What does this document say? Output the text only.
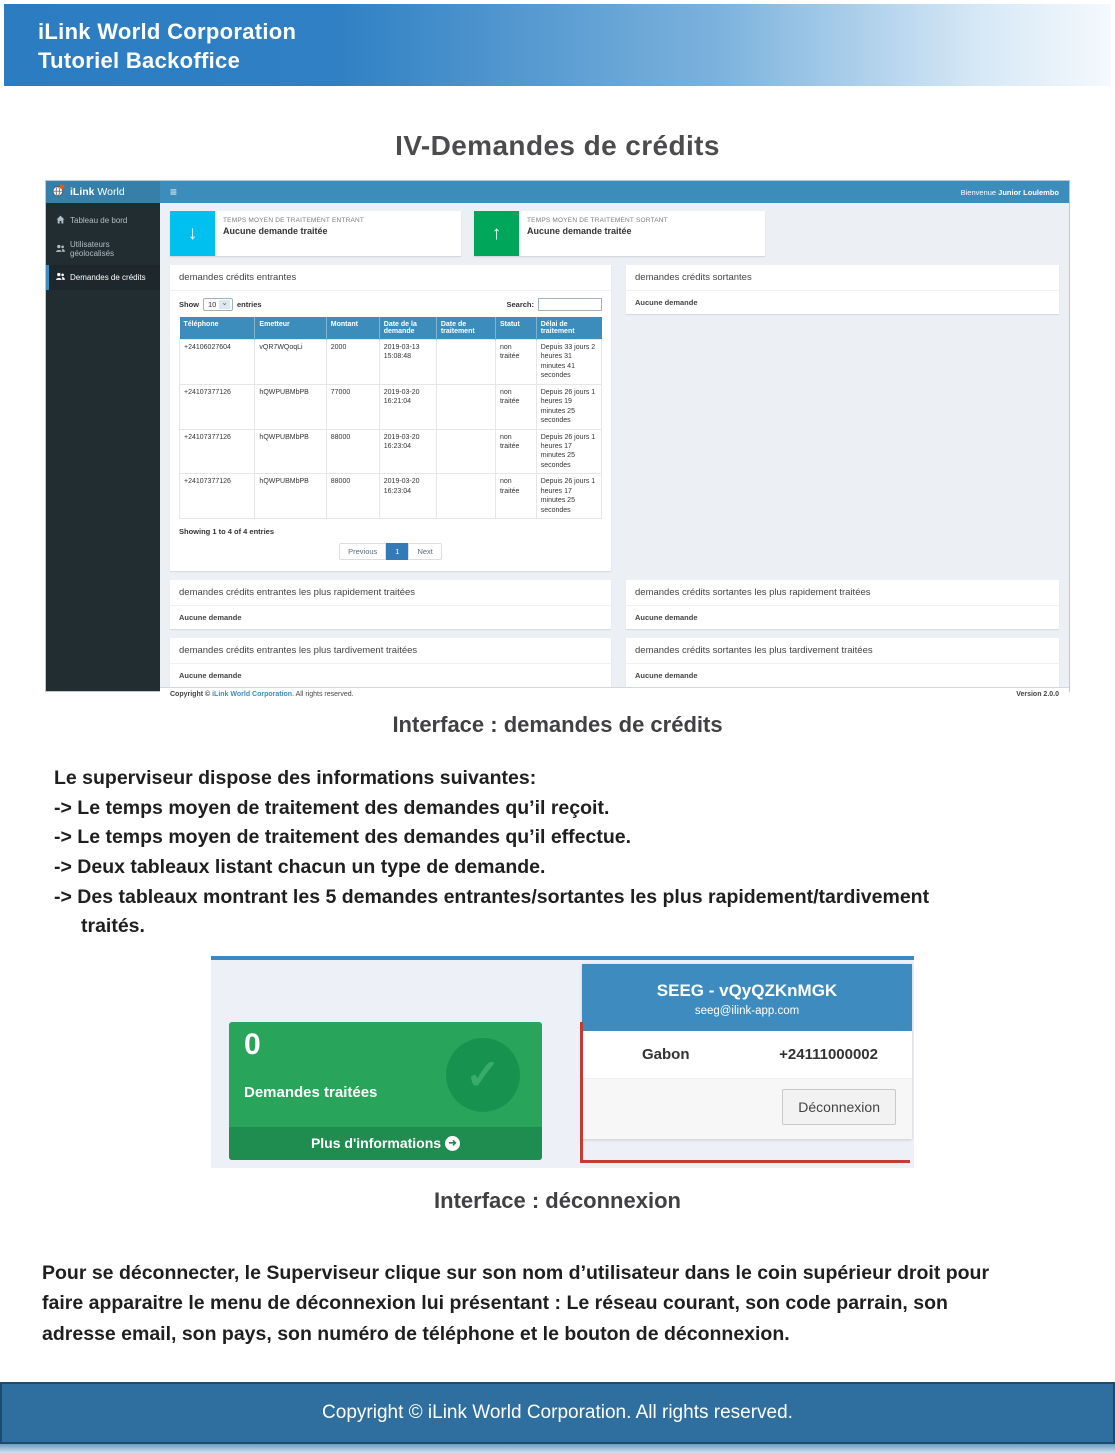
iLink World Corporation
Tutoriel Backoffice
IV-Demandes de crédits
iLink World	≡	Bienvenue Junior Loulembo
Tableau de bord
Utilisateurs géolocalisés
Demandes de crédits
↓
TEMPS MOYEN DE TRAITEMENT ENTRANT
Aucune demande traitée	↑
TEMPS MOYEN DE TRAITEMENT SORTANT
Aucune demande traitée
demandes crédits entrantes
Show 10 ⌄ entries	Search:
Téléphone	Emetteur	Montant	Date de la demande	Date de traitement	Statut	Délai de traitement
+24106027604	vQR7WQoqLi	2000	2019-03-13 15:08:48		non traitée	Depuis 33 jours 2 heures 31 minutes 41 secondes
+24107377126	hQWPUBMbPB	77000	2019-03-20 16:21:04		non traitée	Depuis 26 jours 1 heures 19 minutes 25 secondes
+24107377126	hQWPUBMbPB	88000	2019-03-20 16:23:04		non traitée	Depuis 26 jours 1 heures 17 minutes 25 secondes
+24107377126	hQWPUBMbPB	88000	2019-03-20 16:23:04		non traitée	Depuis 26 jours 1 heures 17 minutes 25 secondes
Showing 1 to 4 of 4 entries
Previous	1	Next
demandes crédits sortantes
Aucune demande
demandes crédits entrantes les plus rapidement traitées
Aucune demande
demandes crédits sortantes les plus rapidement traitées
Aucune demande
demandes crédits entrantes les plus tardivement traitées
Aucune demande
demandes crédits sortantes les plus tardivement traitées
Aucune demande
Copyright © iLink World Corporation. All rights reserved.	Version 2.0.0
Interface : demandes de crédits
Le superviseur dispose des informations suivantes:
-> Le temps moyen de traitement des demandes qu’il reçoit.
-> Le temps moyen de traitement des demandes qu’il effectue.
-> Deux tableaux listant chacun un type de demande.
-> Des tableaux montrant les 5 demandes entrantes/sortantes les plus rapidement/tardivement traités.
0
Demandes traitées	✓
Plus d'informations ➜
SEEG - vQyQZKnMGK
seeg@ilink-app.com
Gabon	+24111000002
Déconnexion
Interface : déconnexion
Pour se déconnecter, le Superviseur clique sur son nom d’utilisateur dans le coin supérieur droit pour faire apparaitre le menu de déconnexion lui présentant : Le réseau courant, son code parrain, son adresse email, son pays, son numéro de téléphone et le bouton de déconnexion.
Copyright © iLink World Corporation. All rights reserved.
